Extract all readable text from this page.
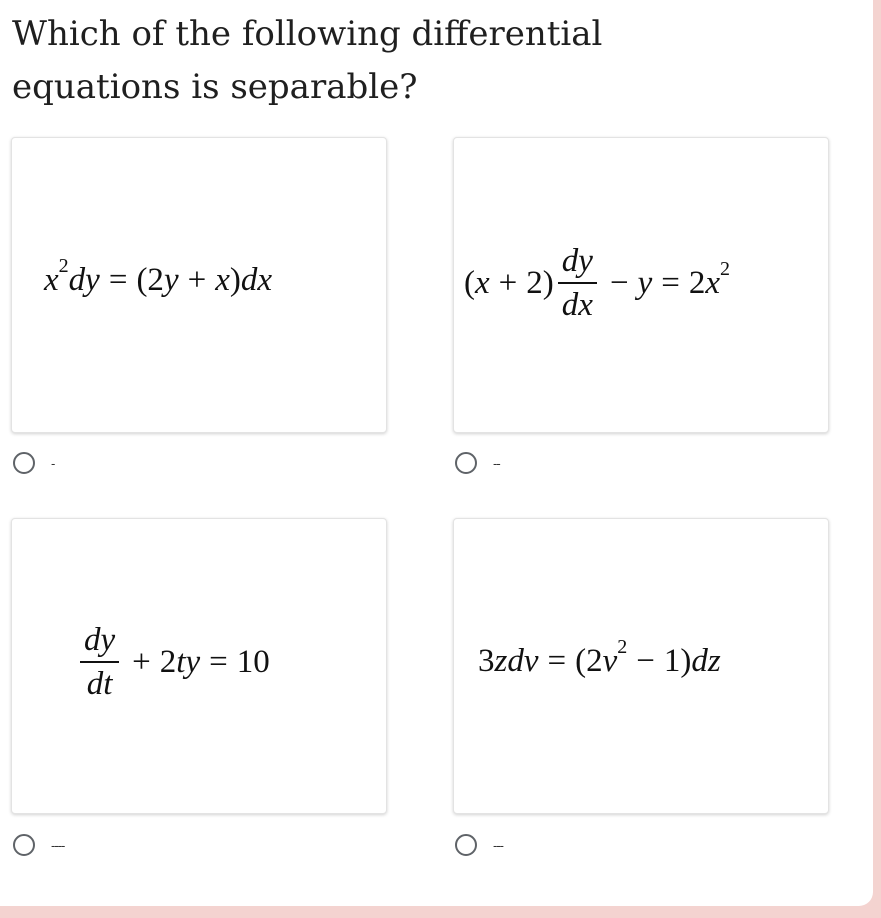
Which of the following differential
equations is separable?
$x^2$ dy = (2 y + x ) dx
-
( $x + 2) \frac{dy}{dx} - y = 2$ $x^2$
--
$\frac{dy}{dt} + 2$ ty = 10
----
3 zdv = (2 $v^2 - 1$) dz
---
